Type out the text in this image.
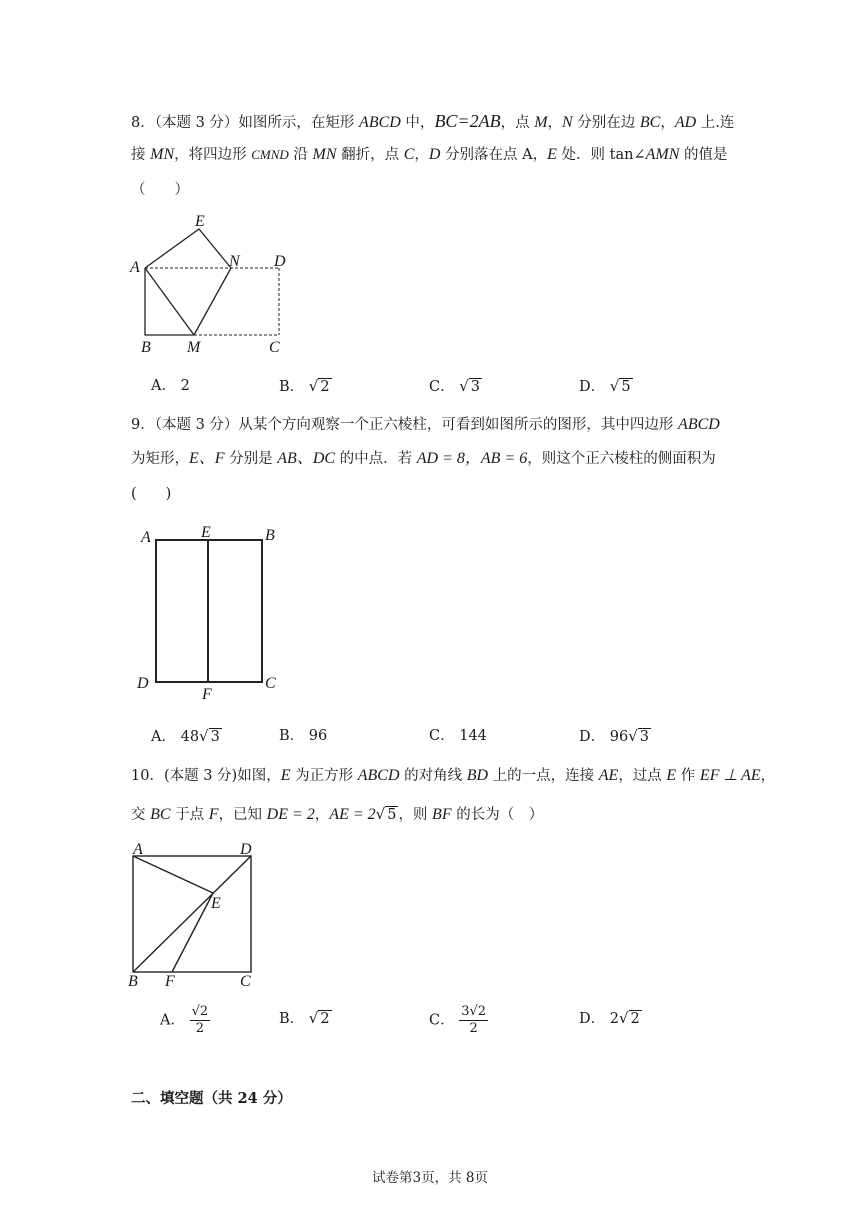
8．（本题 3 分）如图所示，在矩形 ABCD 中，BC=2AB，点 M，N 分别在边 BC，AD 上.连
接 MN，将四边形 CMND 沿 MN 翻折，点 C，D 分别落在点 A，E 处．则 tan∠AMN 的值是
（　　）
E
A	N D
B M	C
A． 2	B． √ 2	C． √ 3	D． √ 5
9．（本题 3 分）从某个方向观察一个正六棱柱，可看到如图所示的图形，其中四边形 ABCD
为矩形，E、F 分别是 AB、DC 的中点．若 AD = 8，AB = 6，则这个正六棱柱的侧面积为
(　　)
A	E	B
D
F
C
A． 48√ 3	B． 96	C． 144	D． 96√ 3
10．(本题 3 分)如图，E 为正方形 ABCD 的对角线 BD 上的一点，连接 AE，过点 E 作 EF ⊥ AE，
交 BC 于点 F，已知 DE = 2，AE = 2√ 5 ，则 BF 的长为（　）
A	D
E
B F	C
A． $\frac{√2}{2}$	B． √ 2	C． $\frac{3√2}{2}$	D． 2√ 2
二、填空题（共 24 分）
试卷第3页，共 8页
